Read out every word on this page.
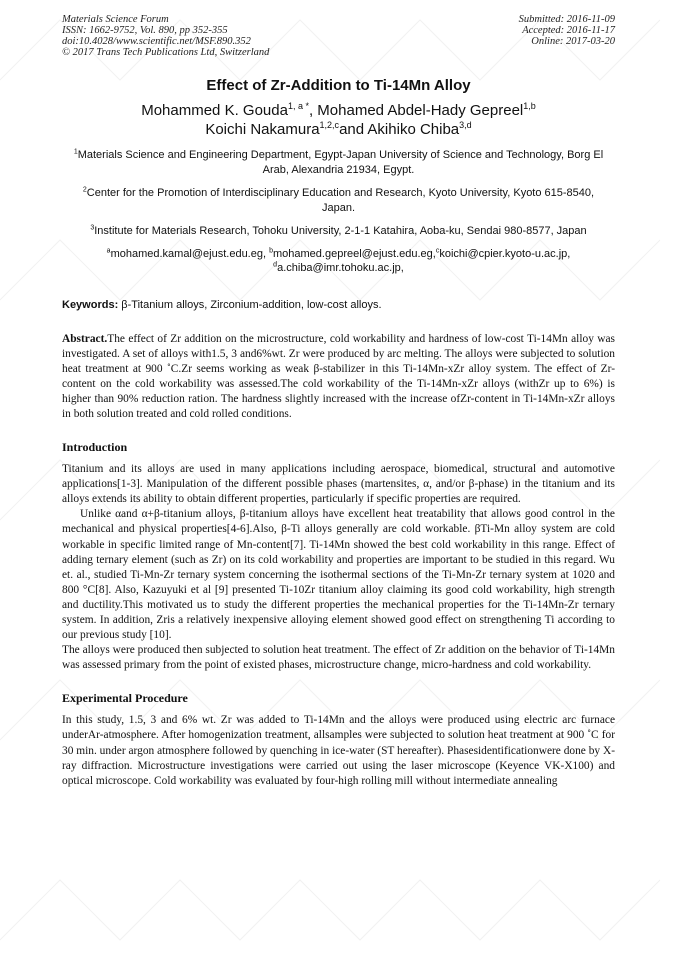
Materials Science Forum
ISSN: 1662-9752, Vol. 890, pp 352-355
doi:10.4028/www.scientific.net/MSF.890.352
© 2017 Trans Tech Publications Ltd, Switzerland
Submitted: 2016-11-09
Accepted: 2016-11-17
Online: 2017-03-20
Effect of Zr-Addition to Ti-14Mn Alloy
Mohammed K. Gouda$^{1, a *}$, Mohamed Abdel-Hady Gepreel$^{1,b}$
Koichi Nakamura$^{1,2,c}$and Akihiko Chiba$^{3,d}$
$^1$Materials Science and Engineering Department, Egypt-Japan University of Science and Technology, Borg El Arab, Alexandria 21934, Egypt.
$^2$Center for the Promotion of Interdisciplinary Education and Research, Kyoto University, Kyoto 615-8540, Japan.
$^3$Institute for Materials Research, Tohoku University, 2-1-1 Katahira, Aoba-ku, Sendai 980-8577, Japan
$^a$mohamed.kamal@ejust.edu.eg, $^b$mohamed.gepreel@ejust.edu.eg,$^c$koichi@cpier.kyoto-u.ac.jp,
$^d$a.chiba@imr.tohoku.ac.jp,
Keywords: β-Titanium alloys, Zirconium-addition, low-cost alloys.

Abstract.The effect of Zr addition on the microstructure, cold workability and hardness of low-cost Ti-14Mn alloy was investigated. A set of alloys with1.5, 3 and6%wt. Zr were produced by arc melting. The alloys were subjected to solution heat treatment at 900 ˚C.Zr seems working as weak β-stabilizer in this Ti-14Mn-xZr alloy system. The effect of Zr-content on the cold workability was assessed.The cold workability of the Ti-14Mn-xZr alloys (withZr up to 6%) is higher than 90% reduction ration. The hardness slightly increased with the increase ofZr-content in Ti-14Mn-xZr alloys in both solution treated and cold rolled conditions.

Introduction

Titanium and its alloys are used in many applications including aerospace, biomedical, structural and automotive applications[1-3]. Manipulation of the different possible phases (martensites, α, and/or β-phase) in the titanium and its alloys extends its ability to obtain different properties, particularly if specific properties are required.

Unlike αand α+β-titanium alloys, β-titanium alloys have excellent heat treatability that allows good control in the mechanical and physical properties[4-6].Also, β-Ti alloys generally are cold workable. βTi-Mn alloy system are cold workable in specific limited range of Mn-content[7]. Ti-14Mn showed the best cold workability in this range. Effect of adding ternary element (such as Zr) on its cold workability and properties are important to be studied in this regard. Wu et. al., studied Ti-Mn-Zr ternary system concerning the isothermal sections of the Ti-Mn-Zr ternary system at 1020 and 800 °C[8]. Also, Kazuyuki et al [9] presented Ti-10Zr titanium alloy claiming its good cold workability, high strength and ductility.This motivated us to study the different properties the mechanical properties for the Ti-14Mn-Zr ternary system. In addition, Zris a relatively inexpensive alloying element showed good effect on strengthening Ti according to our previous study [10].

The alloys were produced then subjected to solution heat treatment. The effect of Zr addition on the behavior of Ti-14Mn was assessed primary from the point of existed phases, microstructure change, micro-hardness and cold workability.

Experimental Procedure

In this study, 1.5, 3 and 6% wt. Zr was added to Ti-14Mn and the alloys were produced using electric arc furnace underAr-atmosphere. After homogenization treatment, allsamples were subjected to solution heat treatment at 900 ˚C for 30 min. under argon atmosphere followed by quenching in ice-water (ST hereafter). Phasesidentificationwere done by X-ray diffraction. Microstructure investigations were carried out using the laser microscope (Keyence VK-X100) and optical microscope. Cold workability was evaluated by four-high rolling mill without intermediate annealing
